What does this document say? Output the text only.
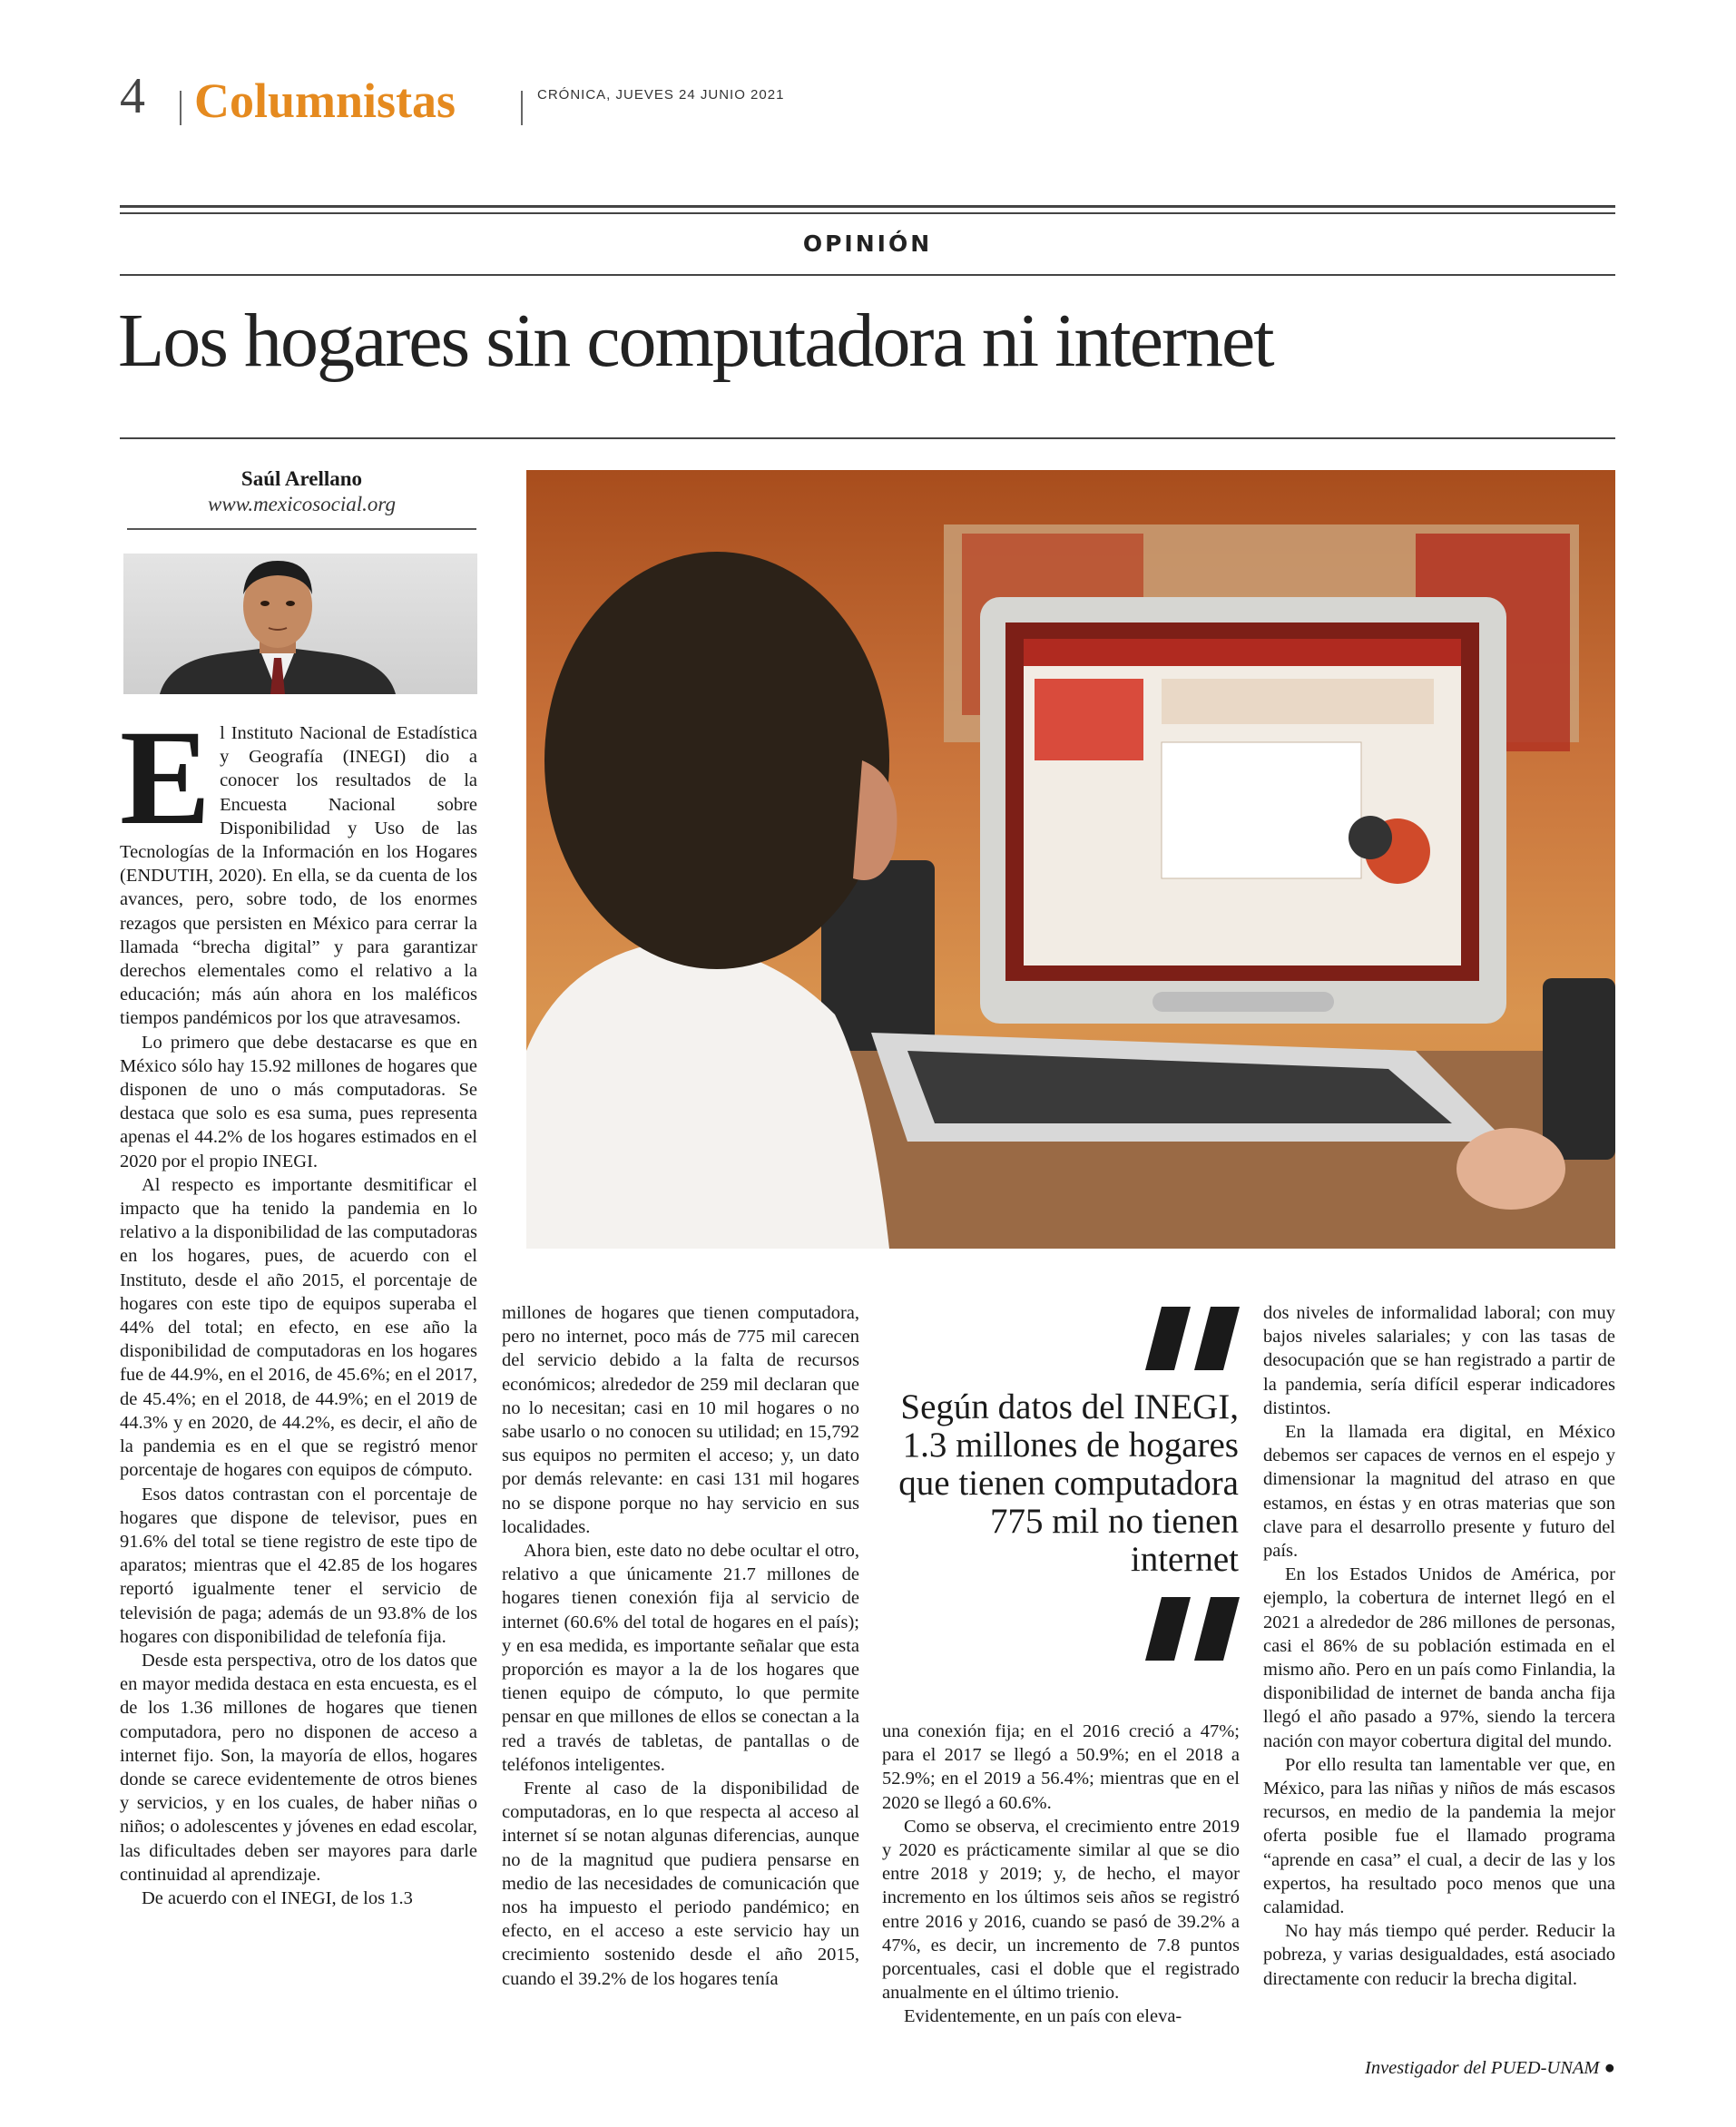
4 Columnistas	CRÓNICA, JUEVES 24 JUNIO 2021
OPINIÓN
Los hogares sin computadora ni internet
Saúl Arellano
www.mexicosocial.org

El Instituto Nacional de Estadística y Geografía (INEGI) dio a conocer los resultados de la Encuesta Nacional sobre Disponibilidad y Uso de las Tecnologías de la Información en los Hogares (ENDUTIH, 2020). En ella, se da cuenta de los avances, pero, sobre todo, de los enormes rezagos que persisten en México para cerrar la llamada “brecha digital” y para garantizar derechos elementales como el relativo a la educación; más aún ahora en los maléficos tiempos pandémicos por los que atravesamos.

Lo primero que debe destacarse es que en México sólo hay 15.92 millones de hogares que disponen de uno o más computadoras. Se destaca que solo es esa suma, pues representa apenas el 44.2% de los hogares estimados en el 2020 por el propio INEGI.

Al respecto es importante desmitificar el impacto que ha tenido la pandemia en lo relativo a la disponibilidad de las computadoras en los hogares, pues, de acuerdo con el Instituto, desde el año 2015, el porcentaje de hogares con este tipo de equipos superaba el 44% del total; en efecto, en ese año la disponibilidad de computadoras en los hogares fue de 44.9%, en el 2016, de 45.6%; en el 2017, de 45.4%; en el 2018, de 44.9%; en el 2019 de 44.3% y en 2020, de 44.2%, es decir, el año de la pandemia es en el que se registró menor porcentaje de hogares con equipos de cómputo.

Esos datos contrastan con el porcentaje de hogares que dispone de televisor, pues en 91.6% del total se tiene registro de este tipo de aparatos; mientras que el 42.85 de los hogares reportó igualmente tener el servicio de televisión de paga; además de un 93.8% de los hogares con disponibilidad de telefonía fija.

Desde esta perspectiva, otro de los datos que en mayor medida destaca en esta encuesta, es el de los 1.36 millones de hogares que tienen computadora, pero no disponen de acceso a internet fijo. Son, la mayoría de ellos, hogares donde se carece evidentemente de otros bienes y servicios, y en los cuales, de haber niñas o niños; o adolescentes y jóvenes en edad escolar, las dificultades deben ser mayores para darle continuidad al aprendizaje.

De acuerdo con el INEGI, de los 1.3

millones de hogares que tienen computadora, pero no internet, poco más de 775 mil carecen del servicio debido a la falta de recursos económicos; alrededor de 259 mil declaran que no lo necesitan; casi en 10 mil hogares o no sabe usarlo o no conocen su utilidad; en 15,792 sus equipos no permiten el acceso; y, un dato por demás relevante: en casi 131 mil hogares no se dispone porque no hay servicio en sus localidades.

Ahora bien, este dato no debe ocultar el otro, relativo a que únicamente 21.7 millones de hogares tienen conexión fija al servicio de internet (60.6% del total de hogares en el país); y en esa medida, es importante señalar que esta proporción es mayor a la de los hogares que tienen equipo de cómputo, lo que permite pensar en que millones de ellos se conectan a la red a través de tabletas, de pantallas o de teléfonos inteligentes.

Frente al caso de la disponibilidad de computadoras, en lo que respecta al acceso al internet sí se notan algunas diferencias, aunque no de la magnitud que pudiera pensarse en medio de las necesidades de comunicación que nos ha impuesto el periodo pandémico; en efecto, en el acceso a este servicio hay un crecimiento sostenido desde el año 2015, cuando el 39.2% de los hogares tenía

Según datos del INEGI, 1.3 millones de hogares que tienen computadora 775 mil no tienen internet

una conexión fija; en el 2016 creció a 47%; para el 2017 se llegó a 50.9%; en el 2018 a 52.9%; en el 2019 a 56.4%; mientras que en el 2020 se llegó a 60.6%.

Como se observa, el crecimiento entre 2019 y 2020 es prácticamente similar al que se dio entre 2018 y 2019; y, de hecho, el mayor incremento en los últimos seis años se registró entre 2016 y 2016, cuando se pasó de 39.2% a 47%, es decir, un incremento de 7.8 puntos porcentuales, casi el doble que el registrado anualmente en el último trienio.

Evidentemente, en un país con eleva-

dos niveles de informalidad laboral; con muy bajos niveles salariales; y con las tasas de desocupación que se han registrado a partir de la pandemia, sería difícil esperar indicadores distintos.

En la llamada era digital, en México debemos ser capaces de vernos en el espejo y dimensionar la magnitud del atraso en que estamos, en éstas y en otras materias que son clave para el desarrollo presente y futuro del país.

En los Estados Unidos de América, por ejemplo, la cobertura de internet llegó en el 2021 a alrededor de 286 millones de personas, casi el 86% de su población estimada en el mismo año. Pero en un país como Finlandia, la disponibilidad de internet de banda ancha fija llegó el año pasado a 97%, siendo la tercera nación con mayor cobertura digital del mundo.

Por ello resulta tan lamentable ver que, en México, para las niñas y niños de más escasos recursos, en medio de la pandemia la mejor oferta posible fue el llamado programa “aprende en casa” el cual, a decir de las y los expertos, ha resultado poco menos que una calamidad.

No hay más tiempo qué perder. Reducir la pobreza, y varias desigualdades, está asociado directamente con reducir la brecha digital.

Investigador del PUED-UNAM ●
